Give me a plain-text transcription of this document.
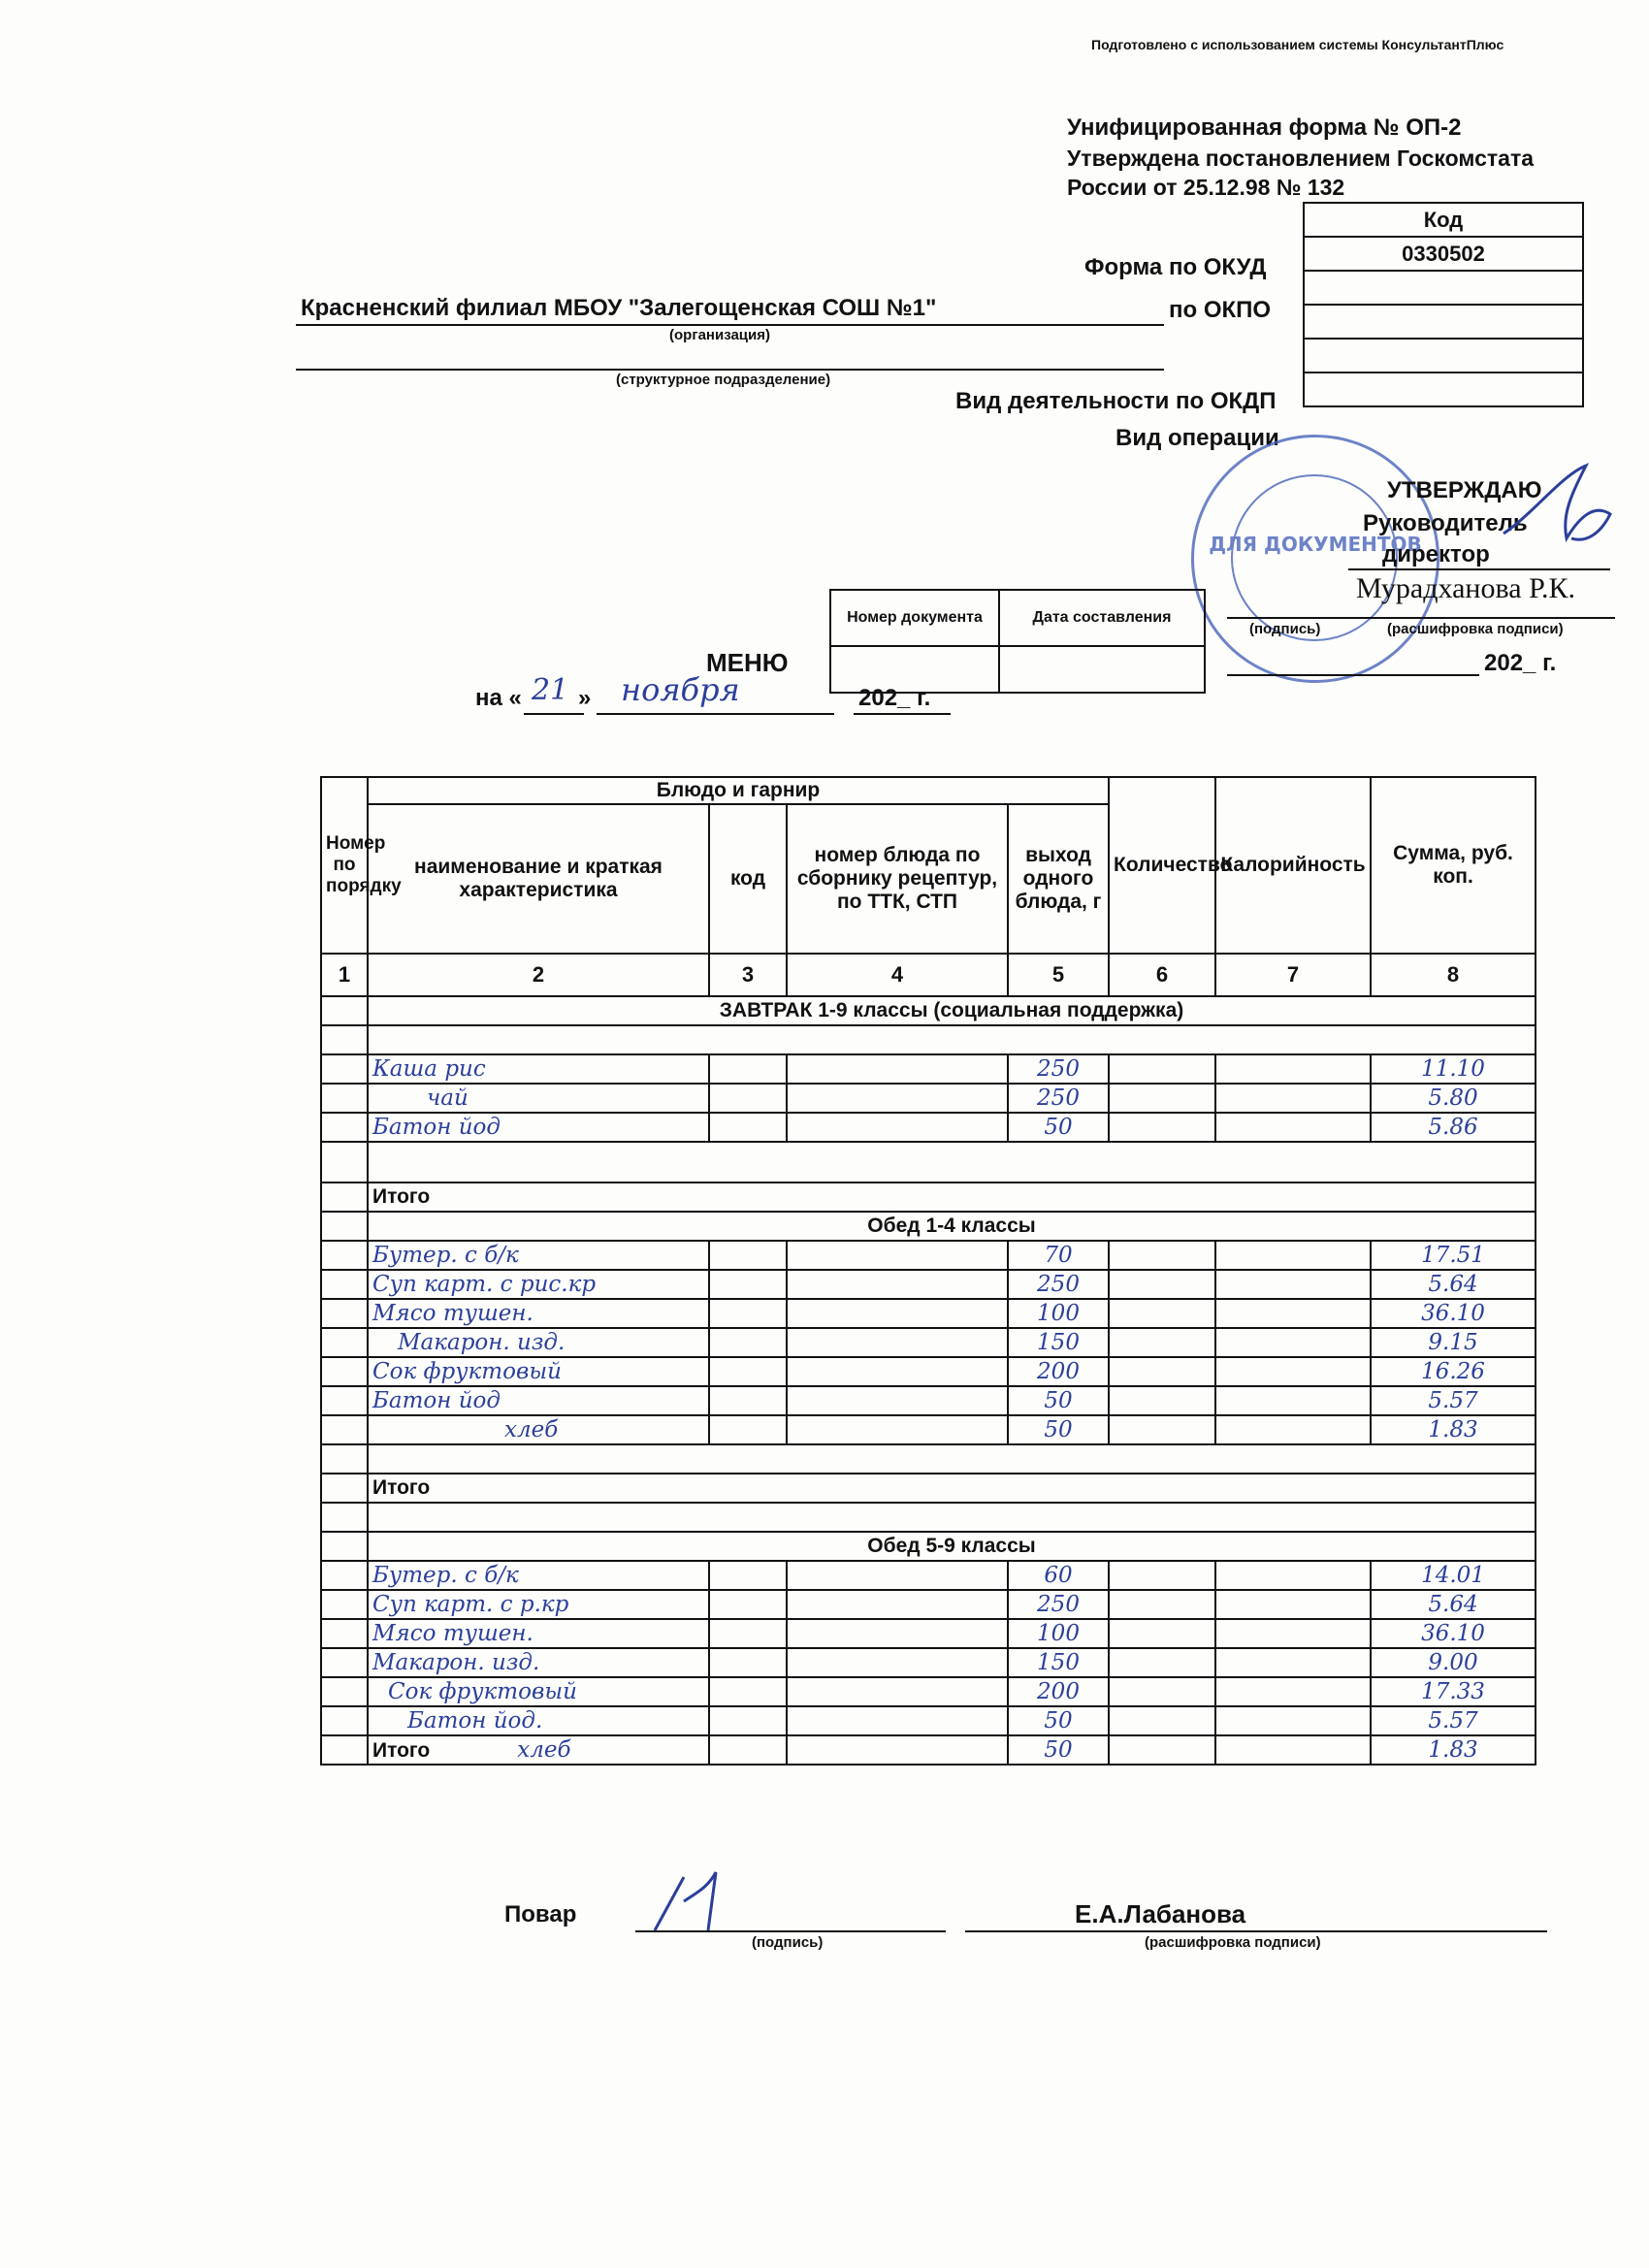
Подготовлено с использованием системы КонсультантПлюс
Унифицированная форма № ОП-2
Утверждена постановлением Госкомстата
России от 25.12.98 № 132
Код
0330502

Форма по ОКУД
по ОКПО
Вид деятельности по ОКДП
Вид операции
Красненский филиал МБОУ "Залегощенская СОШ №1"
(организация)
(структурное подразделение)
ДЛЯ ДОКУМЕНТОВ
УТВЕРЖДАЮ
Руководитель
директор
Мурадханова Р.К.
(подпись)	(расшифровка подписи)
202_ г.
Номер документа	Дата составления

МЕНЮ
на « 21 » ноября	202_ г.
Номер по порядку	Блюдо и гарнир				Количество	Калорийность	Сумма, руб. коп.
	наименование и краткая характеристика	код	номер блюда по сборнику рецептур, по ТТК, СТП	выход одного блюда, г			
1	2	3	4	5	6	7	8
	ЗАВТРАК 1-9 классы (социальная поддержка)						

	Каша рис			250			11.10
	чай			250			5.80
	Батон йод			50			5.86

	Итого						
	Обед 1-4 классы						
	Бутер. с б/к			70			17.51
	Суп карт. с рис.кр			250			5.64
	Мясо тушен.			100			36.10
	Макарон. изд.			150			9.15
	Сок фруктовый			200			16.26
	Батон йод			50			5.57
	хлеб			50			1.83

	Итого						

	Обед 5-9 классы						
	Бутер. с б/к			60			14.01
	Суп карт. с р.кр			250			5.64
	Мясо тушен.			100			36.10
	Макарон. изд.			150			9.00
	Сок фруктовый			200			17.33
	Батон йод.			50			5.57
	Итого хлеб			50			1.83
Повар
(подпись)
Е.А.Лабанова
(расшифровка подписи)
